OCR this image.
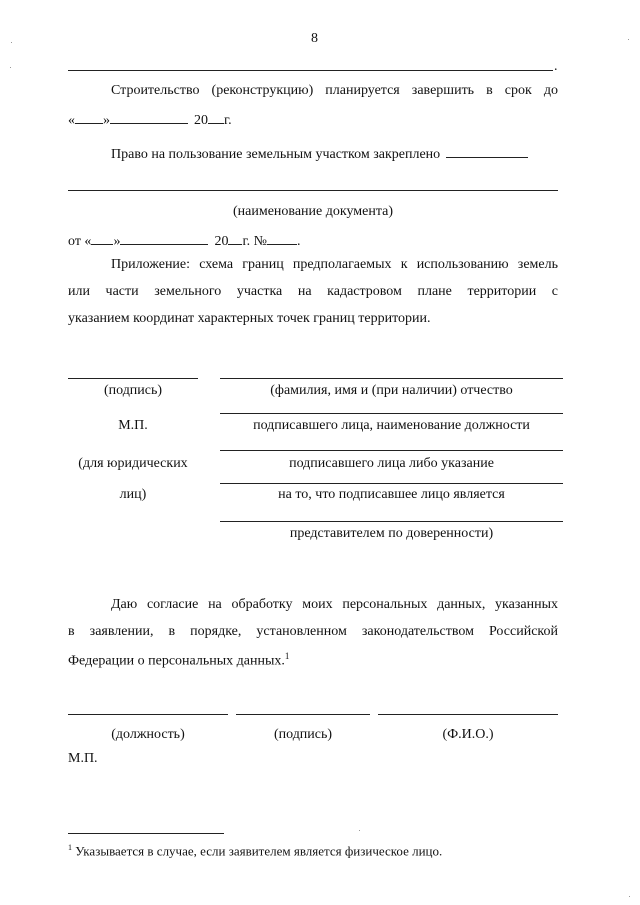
8
.
Строительство (реконструкцию) планируется завершить в срок до
« »	20 г.
Право на пользование земельным участком закреплено
(наименование документа)
от « »	20 г. № .
Приложение: схема границ предполагаемых к использованию земель
или части земельного участка на кадастровом плане территории с
указанием координат характерных точек границ территории.
(подпись)
М.П.
(для юридических
лиц)
(фамилия, имя и (при наличии) отчество
подписавшего лица, наименование должности
подписавшего лица либо указание
на то, что подписавшее лицо является
представителем по доверенности)
Даю согласие на обработку моих персональных данных, указанных
в заявлении, в порядке, установленном законодательством Российской
Федерации о персональных данных.$^1$
(должность)	(подпись)	(Ф.И.О.)
М.П.
$^1$ Указывается в случае, если заявителем является физическое лицо.
